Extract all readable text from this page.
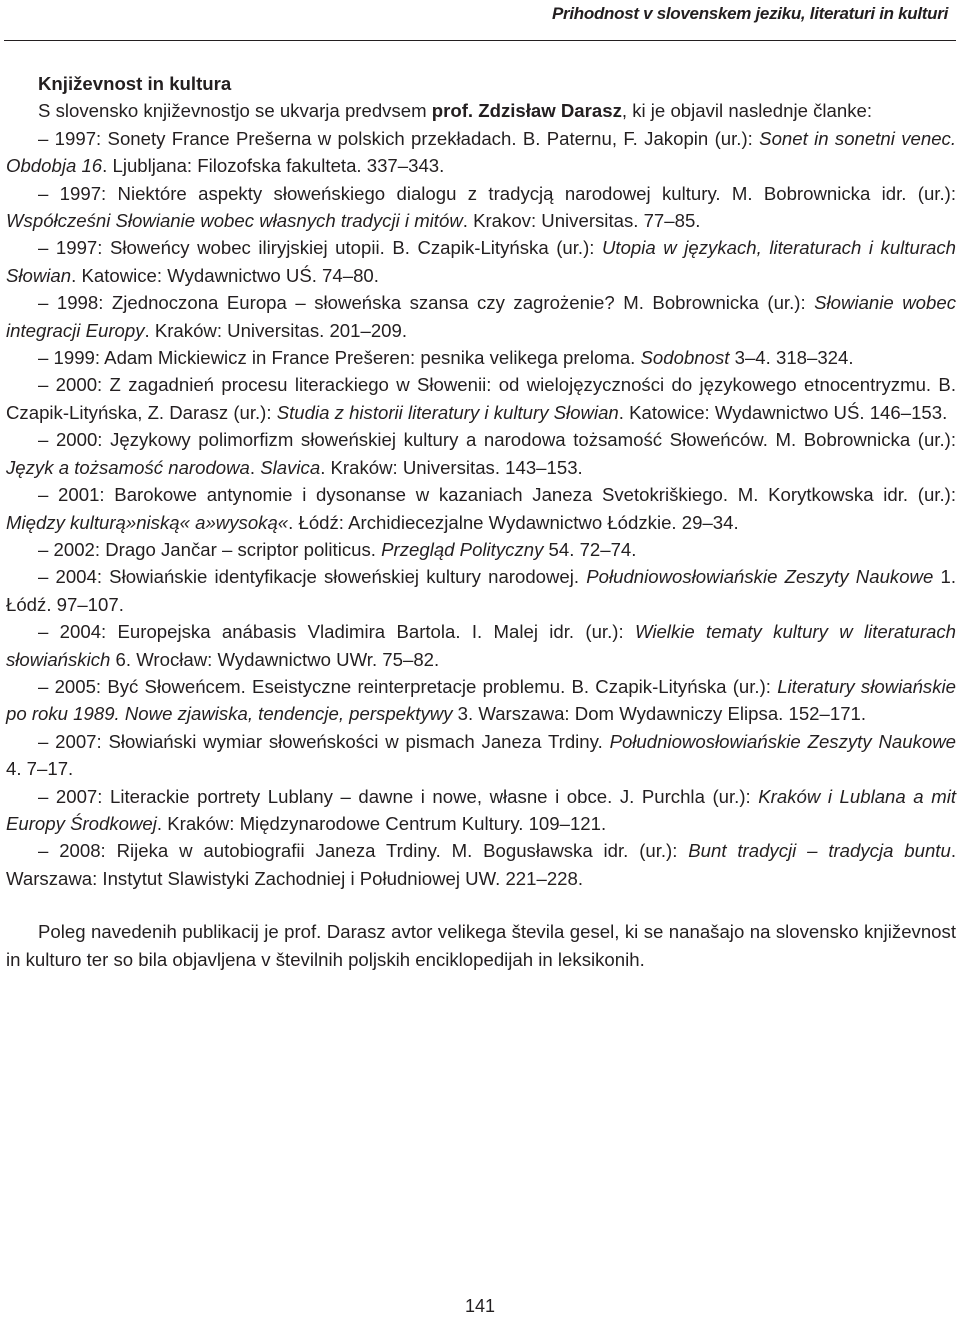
Prihodnost v slovenskem jeziku, literaturi in kulturi
Književnost in kultura

S slovensko književnostjo se ukvarja predvsem prof. Zdzisław Darasz, ki je objavil naslednje članke:

– 1997: Sonety France Prešerna w polskich przekładach. B. Paternu, F. Jakopin (ur.): Sonet in sonetni venec. Obdobja 16. Ljubljana: Filozofska fakulteta. 337–343.

– 1997: Niektóre aspekty słoweńskiego dialogu z tradycją narodowej kultury. M. Bobrownicka idr. (ur.): Współcześni Słowianie wobec własnych tradycji i mitów. Krakov: Universitas. 77–85.

– 1997: Słoweńcy wobec iliryjskiej utopii. B. Czapik-Lityńska (ur.): Utopia w językach, literaturach i kulturach Słowian. Katowice: Wydawnictwo UŚ. 74–80.

– 1998: Zjednoczona Europa – słoweńska szansa czy zagrożenie? M. Bobrownicka (ur.): Słowianie wobec integracji Europy. Kraków: Universitas. 201–209.

– 1999: Adam Mickiewicz in France Prešeren: pesnika velikega preloma. Sodobnost 3–4. 318–324.

– 2000: Z zagadnień procesu literackiego w Słowenii: od wielojęzyczności do językowego etnocentryzmu. B. Czapik-Lityńska, Z. Darasz (ur.): Studia z historii literatury i kultury Słowian. Katowice: Wydawnictwo UŚ. 146–153.

– 2000: Językowy polimorfizm słoweńskiej kultury a narodowa tożsamość Słoweńców. M. Bobrownicka (ur.): Język a tożsamość narodowa. Slavica. Kraków: Universitas. 143–153.

– 2001: Barokowe antynomie i dysonanse w kazaniach Janeza Svetokriškiego. M. Korytkowska idr. (ur.): Między kulturą»niską« a»wysoką«. Łódź: Archidiecezjalne Wydawnictwo Łódzkie. 29–34.

– 2002: Drago Jančar – scriptor politicus. Przegląd Polityczny 54. 72–74.

– 2004: Słowiańskie identyfikacje słoweńskiej kultury narodowej. Południowosłowiańskie Zeszyty Naukowe 1. Łódź. 97–107.

– 2004: Europejska anábasis Vladimira Bartola. I. Malej idr. (ur.): Wielkie tematy kultury w literaturach słowiańskich 6. Wrocław: Wydawnictwo UWr. 75–82.

– 2005: Być Słoweńcem. Eseistyczne reinterpretacje problemu. B. Czapik-Lityńska (ur.): Literatury słowiańskie po roku 1989. Nowe zjawiska, tendencje, perspektywy 3. Warszawa: Dom Wydawniczy Elipsa. 152–171.

– 2007: Słowiański wymiar słoweńskości w pismach Janeza Trdiny. Południowosłowiańskie Zeszyty Naukowe 4. 7–17.

– 2007: Literackie portrety Lublany – dawne i nowe, własne i obce. J. Purchla (ur.): Kraków i Lublana a mit Europy Środkowej. Kraków: Międzynarodowe Centrum Kultury. 109–121.

– 2008: Rijeka w autobiografii Janeza Trdiny. M. Bogusławska idr. (ur.): Bunt tradycji – tradycja buntu. Warszawa: Instytut Slawistyki Zachodniej i Południowej UW. 221–228.

Poleg navedenih publikacij je prof. Darasz avtor velikega števila gesel, ki se nanašajo na slovensko književnost in kulturo ter so bila objavljena v številnih poljskih enciklopedijah in leksikonih.

141
